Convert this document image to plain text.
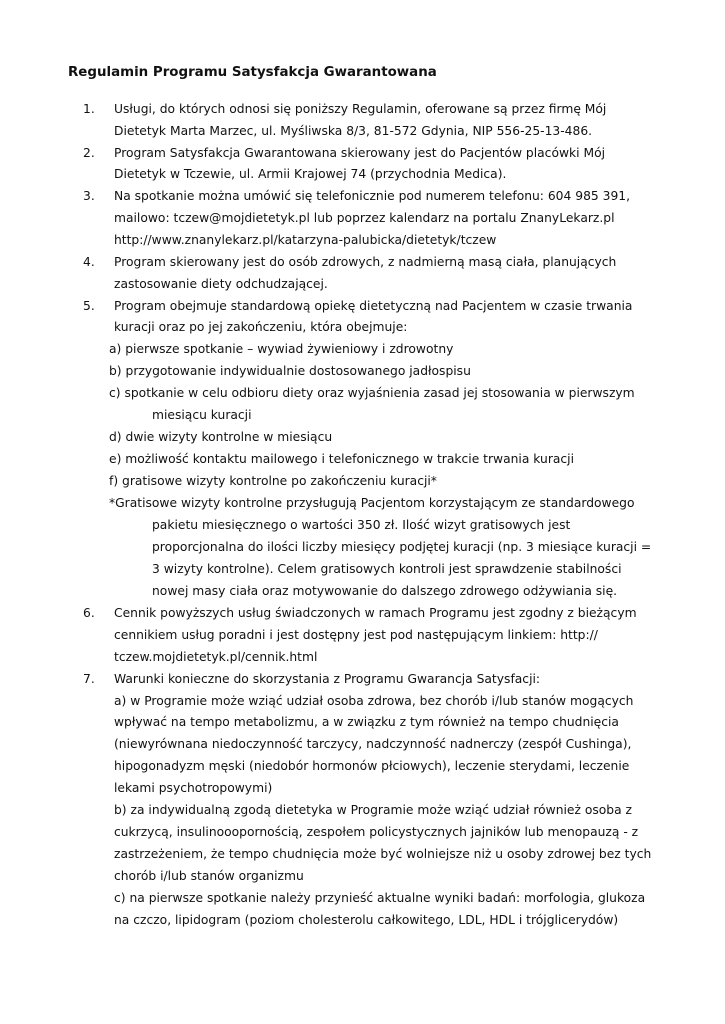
Regulamin Programu Satysfakcja Gwarantowana
1. Usługi, do których odnosi się poniższy Regulamin, oferowane są przez firmę Mój
Dietetyk Marta Marzec, ul. Myśliwska 8/3, 81-572 Gdynia, NIP 556-25-13-486.
2. Program Satysfakcja Gwarantowana skierowany jest do Pacjentów placówki Mój
Dietetyk w Tczewie, ul. Armii Krajowej 74 (przychodnia Medica).
3. Na spotkanie można umówić się telefonicznie pod numerem telefonu: 604 985 391,
mailowo: tczew@mojdietetyk.pl lub poprzez kalendarz na portalu ZnanyLekarz.pl
http://www.znanylekarz.pl/katarzyna-palubicka/dietetyk/tczew
4. Program skierowany jest do osób zdrowych, z nadmierną masą ciała, planujących
zastosowanie diety odchudzającej.
5. Program obejmuje standardową opiekę dietetyczną nad Pacjentem w czasie trwania
kuracji oraz po jej zakończeniu, która obejmuje:
a) pierwsze spotkanie – wywiad żywieniowy i zdrowotny
b) przygotowanie indywidualnie dostosowanego jadłospisu
c) spotkanie w celu odbioru diety oraz wyjaśnienia zasad jej stosowania w pierwszym
miesiącu kuracji
d) dwie wizyty kontrolne w miesiącu
e) możliwość kontaktu mailowego i telefonicznego w trakcie trwania kuracji
f) gratisowe wizyty kontrolne po zakończeniu kuracji*
*Gratisowe wizyty kontrolne przysługują Pacjentom korzystającym ze standardowego
pakietu miesięcznego o wartości 350 zł. Ilość wizyt gratisowych jest
proporcjonalna do ilości liczby miesięcy podjętej kuracji (np. 3 miesiące kuracji =
3 wizyty kontrolne). Celem gratisowych kontroli jest sprawdzenie stabilności
nowej masy ciała oraz motywowanie do dalszego zdrowego odżywiania się.
6. Cennik powyższych usług świadczonych w ramach Programu jest zgodny z bieżącym
cennikiem usług poradni i jest dostępny jest pod następującym linkiem: http://
tczew.mojdietetyk.pl/cennik.html
7. Warunki konieczne do skorzystania z Programu Gwarancja Satysfacji:
a) w Programie może wziąć udział osoba zdrowa, bez chorób i/lub stanów mogących
wpływać na tempo metabolizmu, a w związku z tym również na tempo chudnięcia
(niewyrównana niedoczynność tarczycy, nadczynność nadnerczy (zespół Cushinga),
hipogonadyzm męski (niedobór hormonów płciowych), leczenie sterydami, leczenie
lekami psychotropowymi)
b) za indywidualną zgodą dietetyka w Programie może wziąć udział również osoba z
cukrzycą, insulinooopornością, zespołem policystycznych jajników lub menopauzą - z
zastrzeżeniem, że tempo chudnięcia może być wolniejsze niż u osoby zdrowej bez tych
chorób i/lub stanów organizmu
c) na pierwsze spotkanie należy przynieść aktualne wyniki badań: morfologia, glukoza
na czczo, lipidogram (poziom cholesterolu całkowitego, LDL, HDL i trójglicerydów)
